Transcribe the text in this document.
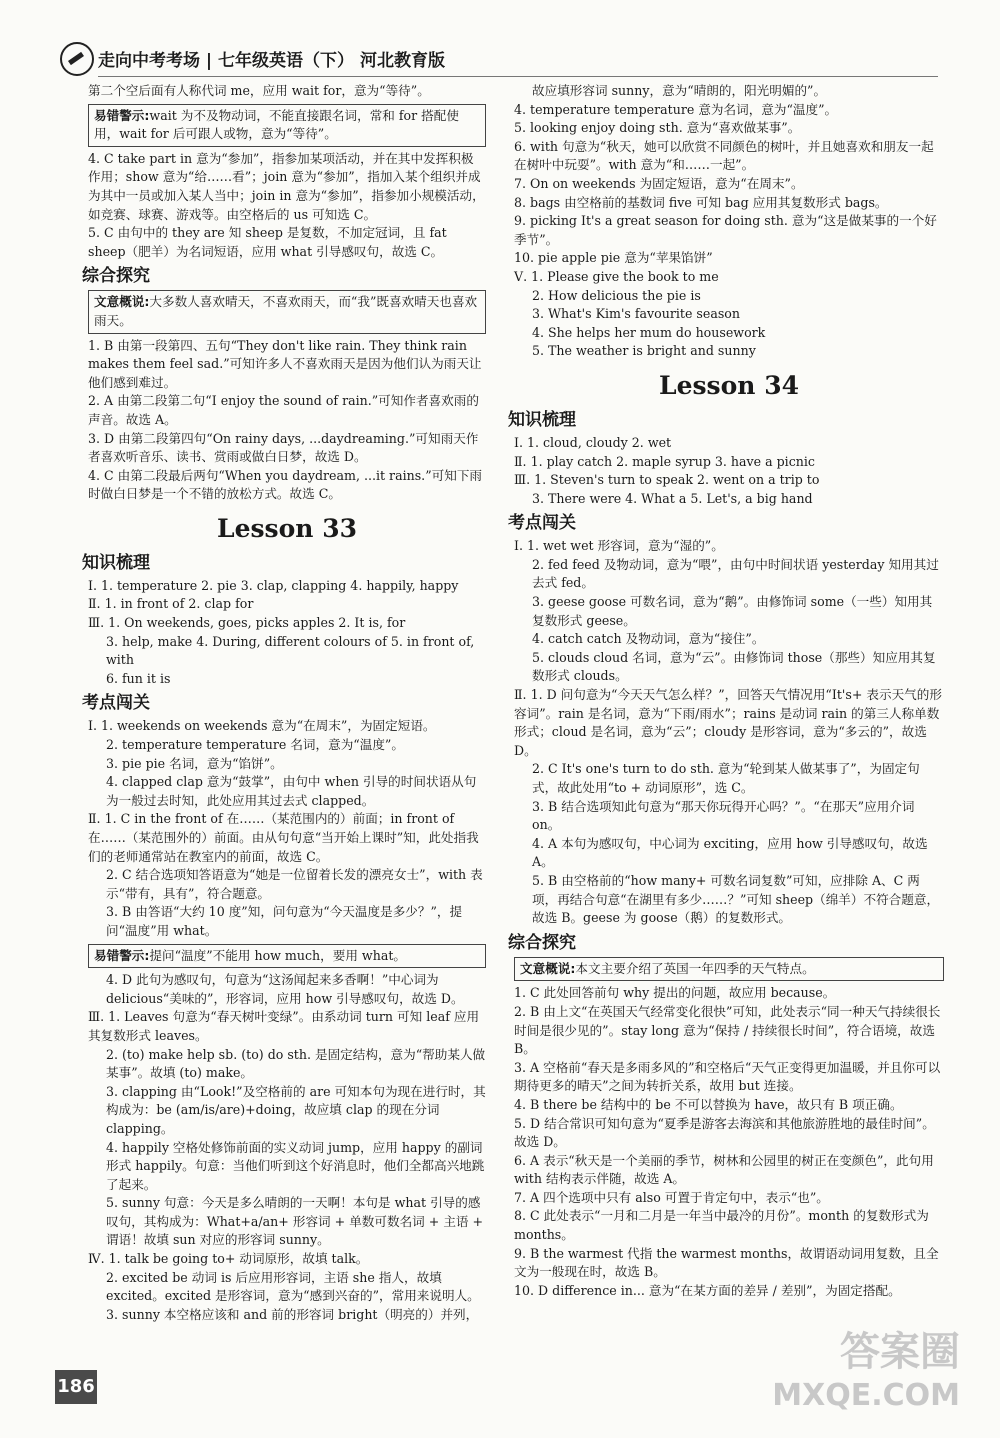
走向中考考场 | 七年级英语（下） 河北教育版

第二个空后面有人称代词 me，应用 wait for，意为“等待”。

易错警示:wait 为不及物动词，不能直接跟名词，常和 for 搭配使用，wait for 后可跟人或物，意为“等待”。

4. C take part in 意为“参加”，指参加某项活动，并在其中发挥积极作用；show 意为“给……看”；join 意为“参加”，指加入某个组织并成为其中一员或加入某人当中；join in 意为“参加”，指参加小规模活动，如竞赛、球赛、游戏等。由空格后的 us 可知选 C。

5. C 由句中的 they are 知 sheep 是复数，不加定冠词，且 fat sheep（肥羊）为名词短语，应用 what 引导感叹句，故选 C。

综合探究
文意概说:大多数人喜欢晴天，不喜欢雨天，而“我”既喜欢晴天也喜欢雨天。

1. B 由第一段第四、五句“They don't like rain. They think rain makes them feel sad.”可知许多人不喜欢雨天是因为他们认为雨天让他们感到难过。

2. A 由第二段第二句“I enjoy the sound of rain.”可知作者喜欢雨的声音。故选 A。

3. D 由第二段第四句“On rainy days, ...daydreaming.”可知雨天作者喜欢听音乐、读书、赏雨或做白日梦，故选 D。

4. C 由第二段最后两句“When you daydream, ...it rains.”可知下雨时做白日梦是一个不错的放松方式。故选 C。

Lesson 33
知识梳理

Ⅰ. 1. temperature 2. pie 3. clap, clapping 4. happily, happy

Ⅱ. 1. in front of 2. clap for

Ⅲ. 1. On weekends, goes, picks apples 2. It is, for

3. help, make 4. During, different colours of 5. in front of, with

6. fun it is

考点闯关

Ⅰ. 1. weekends on weekends 意为“在周末”，为固定短语。

2. temperature temperature 名词，意为“温度”。

3. pie pie 名词，意为“馅饼”。

4. clapped clap 意为“鼓掌”，由句中 when 引导的时间状语从句为一般过去时知，此处应用其过去式 clapped。

Ⅱ. 1. C in the front of 在……（某范围内的）前面；in front of 在……（某范围外的）前面。由从句句意“当开始上课时”知，此处指我们的老师通常站在教室内的前面，故选 C。

2. C 结合选项知答语意为“她是一位留着长发的漂亮女士”，with 表示“带有，具有”，符合题意。

3. B 由答语“大约 10 度”知，问句意为“今天温度是多少？”，提问“温度”用 what。

易错警示:提问“温度”不能用 how much，要用 what。

4. D 此句为感叹句，句意为“这汤闻起来多香啊！”中心词为 delicious“美味的”，形容词，应用 how 引导感叹句，故选 D。

Ⅲ. 1. Leaves 句意为“春天树叶变绿”。由系动词 turn 可知 leaf 应用其复数形式 leaves。

2. (to) make help sb. (to) do sth. 是固定结构，意为“帮助某人做某事”。故填 (to) make。

3. clapping 由“Look!”及空格前的 are 可知本句为现在进行时，其构成为：be (am/is/are)+doing，故应填 clap 的现在分词 clapping。

4. happily 空格处修饰前面的实义动词 jump，应用 happy 的副词形式 happily。句意：当他们听到这个好消息时，他们全都高兴地跳了起来。

5. sunny 句意：今天是多么晴朗的一天啊！本句是 what 引导的感叹句，其构成为：What+a/an+ 形容词 + 单数可数名词 + 主语 + 谓语！故填 sun 对应的形容词 sunny。

Ⅳ. 1. talk be going to+ 动词原形，故填 talk。

2. excited be 动词 is 后应用形容词，主语 she 指人，故填 excited。excited 是形容词，意为“感到兴奋的”，常用来说明人。

3. sunny 本空格应该和 and 前的形容词 bright（明亮的）并列，

故应填形容词 sunny，意为“晴朗的，阳光明媚的”。

4. temperature temperature 意为名词，意为“温度”。

5. looking enjoy doing sth. 意为“喜欢做某事”。

6. with 句意为“秋天，她可以欣赏不同颜色的树叶，并且她喜欢和朋友一起在树叶中玩耍”。with 意为“和……一起”。

7. On on weekends 为固定短语，意为“在周末”。

8. bags 由空格前的基数词 five 可知 bag 应用其复数形式 bags。

9. picking It's a great season for doing sth. 意为“这是做某事的一个好季节”。

10. pie apple pie 意为“苹果馅饼”

Ⅴ. 1. Please give the book to me

2. How delicious the pie is

3. What's Kim's favourite season

4. She helps her mum do housework

5. The weather is bright and sunny

Lesson 34
知识梳理

Ⅰ. 1. cloud, cloudy 2. wet

Ⅱ. 1. play catch 2. maple syrup 3. have a picnic

Ⅲ. 1. Steven's turn to speak 2. went on a trip to

3. There were 4. What a 5. Let's, a big hand

考点闯关

Ⅰ. 1. wet wet 形容词，意为“湿的”。

2. fed feed 及物动词，意为“喂”，由句中时间状语 yesterday 知用其过去式 fed。

3. geese goose 可数名词，意为“鹅”。由修饰词 some（一些）知用其复数形式 geese。

4. catch catch 及物动词，意为“接住”。

5. clouds cloud 名词，意为“云”。由修饰词 those（那些）知应用其复数形式 clouds。

Ⅱ. 1. D 问句意为“今天天气怎么样？”，回答天气情况用“It's+ 表示天气的形容词”。rain 是名词，意为“下雨/雨水”；rains 是动词 rain 的第三人称单数形式；cloud 是名词，意为“云”；cloudy 是形容词，意为“多云的”，故选 D。

2. C It's one's turn to do sth. 意为“轮到某人做某事了”，为固定句式，故此处用“to + 动词原形”，选 C。

3. B 结合选项知此句意为“那天你玩得开心吗？”。“在那天”应用介词 on。

4. A 本句为感叹句，中心词为 exciting，应用 how 引导感叹句，故选 A。

5. B 由空格前的“how many+ 可数名词复数”可知，应排除 A、C 两项，再结合句意“在湖里有多少……？”可知 sheep（绵羊）不符合题意，故选 B。geese 为 goose（鹅）的复数形式。

综合探究
文意概说:本文主要介绍了英国一年四季的天气特点。

1. C 此处回答前句 why 提出的问题，故应用 because。

2. B 由上文“在英国天气经常变化很快”可知，此处表示“同一种天气持续很长时间是很少见的”。stay long 意为“保持 / 持续很长时间”，符合语境，故选 B。

3. A 空格前“春天是多雨多风的”和空格后“天气正变得更加温暖，并且你可以期待更多的晴天”之间为转折关系，故用 but 连接。

4. B there be 结构中的 be 不可以替换为 have，故只有 B 项正确。

5. D 结合常识可知句意为“夏季是游客去海滨和其他旅游胜地的最佳时间”。故选 D。

6. A 表示“秋天是一个美丽的季节，树林和公园里的树正在变颜色”，此句用 with 结构表示伴随，故选 A。

7. A 四个选项中只有 also 可置于肯定句中，表示“也”。

8. C 此处表示“一月和二月是一年当中最冷的月份”。month 的复数形式为 months。

9. B the warmest 代指 the warmest months，故谓语动词用复数，且全文为一般现在时，故选 B。

10. D difference in... 意为“在某方面的差异 / 差别”，为固定搭配。

186
答案圈
MXQE.COM
